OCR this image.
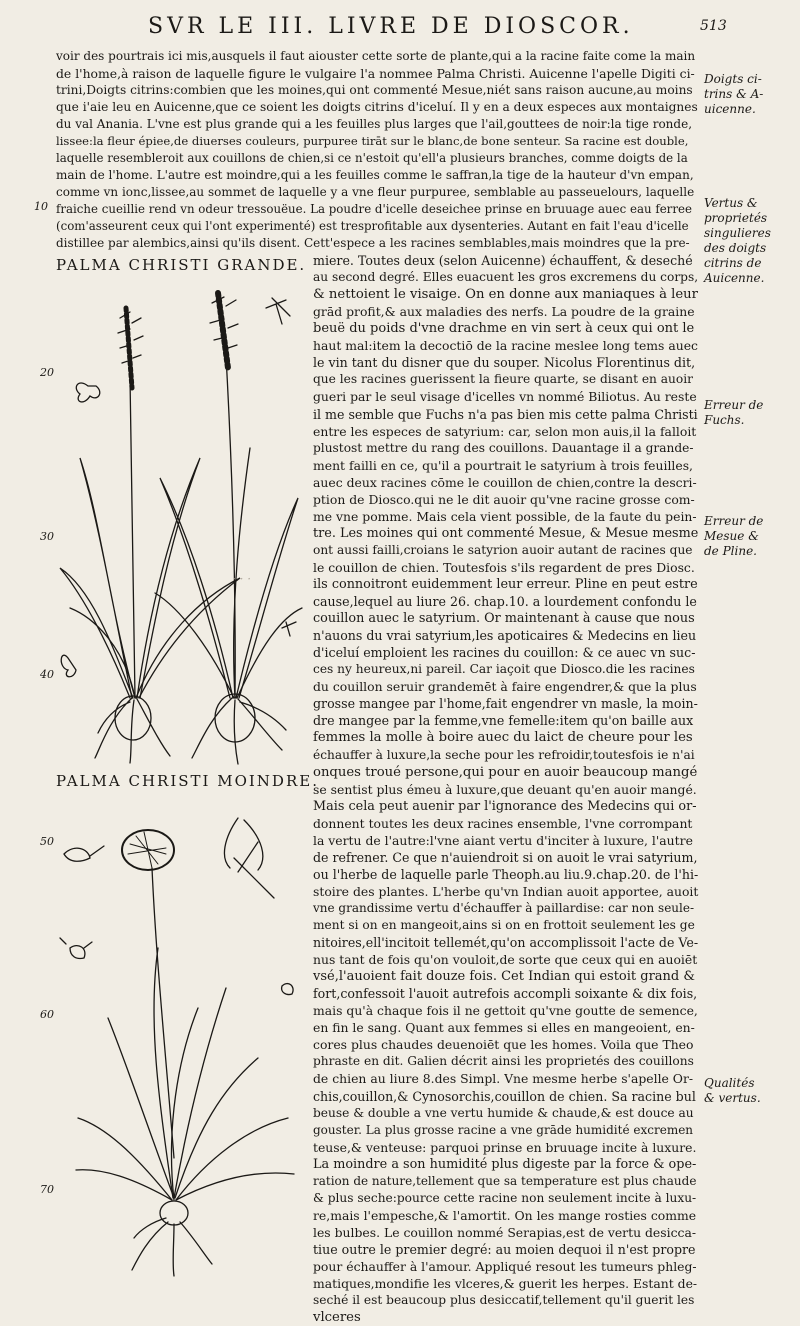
SVR LE III. LIVRE DE DIOSCOR.	513
voir des pourtrais ici mis,ausquels il faut aiouster cette sorte de plante,qui a la racine faite come la main
de l'home,à raison de laquelle figure le vulgaire l'a nommee Palma Christi. Auicenne l'apelle Digiti ci-
trini,Doigts citrins:combien que les moines,qui ont commenté Mesue,niét sans raison aucune,au moins
que i'aie leu en Auicenne,que ce soient les doigts citrins d'iceluí. Il y en a deux especes aux montaignes
du val Anania. L'vne est plus grande qui a les feuilles plus larges que l'ail,gouttees de noir:la tige ronde,
lissee:la fleur épiee,de diuerses couleurs, purpuree tirāt sur le blanc,de bone senteur. Sa racine est double,
laquelle resembleroit aux couillons de chien,si ce n'estoit qu'ell'a plusieurs branches, comme doigts de la
main de l'home. L'autre est moindre,qui a les feuilles comme le saffran,la tige de la hauteur d'vn empan,
comme vn ionc,lissee,au sommet de laquelle y a vne fleur purpuree, semblable au passeuelours, laquelle
fraiche cueillie rend vn odeur tressouëue. La poudre d'icelle deseichee prinse en bruuage auec eau ferree
(com'asseurent ceux qui l'ont experimenté) est tresprofitable aux dysenteries. Autant en fait l'eau d'icelle
distillee par alembics,ainsi qu'ils disent. Cett'espece a les racines semblables,mais moindres que la pre-
miere. Toutes deux (selon Auicenne) échauffent, & deseché
au second degré. Elles euacuent les gros excremens du corps,
& nettoient le visaige. On en donne aux maniaques à leur
grād profit,& aux maladies des nerfs. La poudre de la graine
beuë du poids d'vne drachme en vin sert à ceux qui ont le
haut mal:item la decoctiō de la racine meslee long tems auec
le vin tant du disner que du souper. Nicolus Florentinus dit,
que les racines guerissent la fieure quarte, se disant en auoir
gueri par le seul visage d'icelles vn nommé Biliotus. Au reste
il me semble que Fuchs n'a pas bien mis cette palma Christi
entre les especes de satyrium: car, selon mon auis,il la falloit
plustost mettre du rang des couillons. Dauantage il a grande-
ment failli en ce, qu'il a pourtrait le satyrium à trois feuilles,
auec deux racines cōme le couillon de chien,contre la descri-
ption de Diosco.qui ne le dit auoir qu'vne racine grosse com-
me vne pomme. Mais cela vient possible, de la faute du pein-
tre. Les moines qui ont commenté Mesue, & Mesue mesme
ont aussi failli,croians le satyrion auoir autant de racines que
le couillon de chien. Toutesfois s'ils regardent de pres Diosc.
ils connoitront euidemment leur erreur. Pline en peut estre
cause,lequel au liure 26. chap.10. a lourdement confondu le
couillon auec le satyrium. Or maintenant à cause que nous
n'auons du vrai satyrium,les apoticaires & Medecins en lieu
d'iceluí emploient les racines du couillon: & ce auec vn suc-
ces ny heureux,ni pareil. Car iaçoit que Diosco.die les racines
du couillon seruir grandemēt à faire engendrer,& que la plus
grosse mangee par l'home,fait engendrer vn masle, la moin-
dre mangee par la femme,vne femelle:item qu'on baille aux
femmes la molle à boire auec du laict de cheure pour les
échauffer à luxure,la seche pour les refroidir,toutesfois ie n'ai
onques troué persone,qui pour en auoir beaucoup mangé
se sentist plus émeu à luxure,que deuant qu'en auoir mangé.
Mais cela peut auenir par l'ignorance des Medecins qui or-
donnent toutes les deux racines ensemble, l'vne corrompant
la vertu de l'autre:l'vne aiant vertu d'inciter à luxure, l'autre
de refrener. Ce que n'auiendroit si on auoit le vrai satyrium,
ou l'herbe de laquelle parle Theoph.au liu.9.chap.20. de l'hi-
stoire des plantes. L'herbe qu'vn Indian auoit apportee, auoit
vne grandissime vertu d'échauffer à paillardise: car non seule-
ment si on en mangeoit,ains si on en frottoit seulement les ge
nitoires,ell'incitoit tellemét,qu'on accomplissoit l'acte de Ve-
nus tant de fois qu'on vouloit,de sorte que ceux qui en auoiēt
vsé,l'auoient fait douze fois. Cet Indian qui estoit grand &
fort,confessoit l'auoit autrefois accompli soixante & dix fois,
mais qu'à chaque fois il ne gettoit qu'vne goutte de semence,
en fin le sang. Quant aux femmes si elles en mangeoient, en-
cores plus chaudes deuenoiēt que les homes. Voila que Theo
phraste en dit. Galien décrit ainsi les proprietés des couillons
de chien au liure 8.des Simpl. Vne mesme herbe s'apelle Or-
chis,couillon,& Cynosorchis,couillon de chien. Sa racine bul
beuse & double a vne vertu humide & chaude,& est douce au
gouster. La plus grosse racine a vne grāde humidité excremen
teuse,& venteuse: parquoi prinse en bruuage incite à luxure.
La moindre a son humidité plus digeste par la force & ope-
ration de nature,tellement que sa temperature est plus chaude
& plus seche:pource cette racine non seulement incite à luxu-
re,mais l'empesche,& l'amortit. On les mange rosties comme
les bulbes. Le couillon nommé Serapias,est de vertu desicca-
tiue outre le premier degré: au moien dequoi il n'est propre
pour échauffer à l'amour. Appliqué resout les tumeurs phleg-
matiques,mondifie les vlceres,& guerit les herpes. Estant de-
seché il est beaucoup plus desiccatif,tellement qu'il guerit les
vlceres
10
20
30
40
50
60
70
Doigts ci-
trins & A-
uicenne.
Vertus &
proprietés
singulieres
des doigts
citrins de
Auicenne.
Erreur de
Fuchs.
Erreur de
Mesue &
de Pline.
Qualités
& vertus.
PALMA CHRISTI GRANDE.
PALMA CHRISTI MOINDRE.
· · ·
